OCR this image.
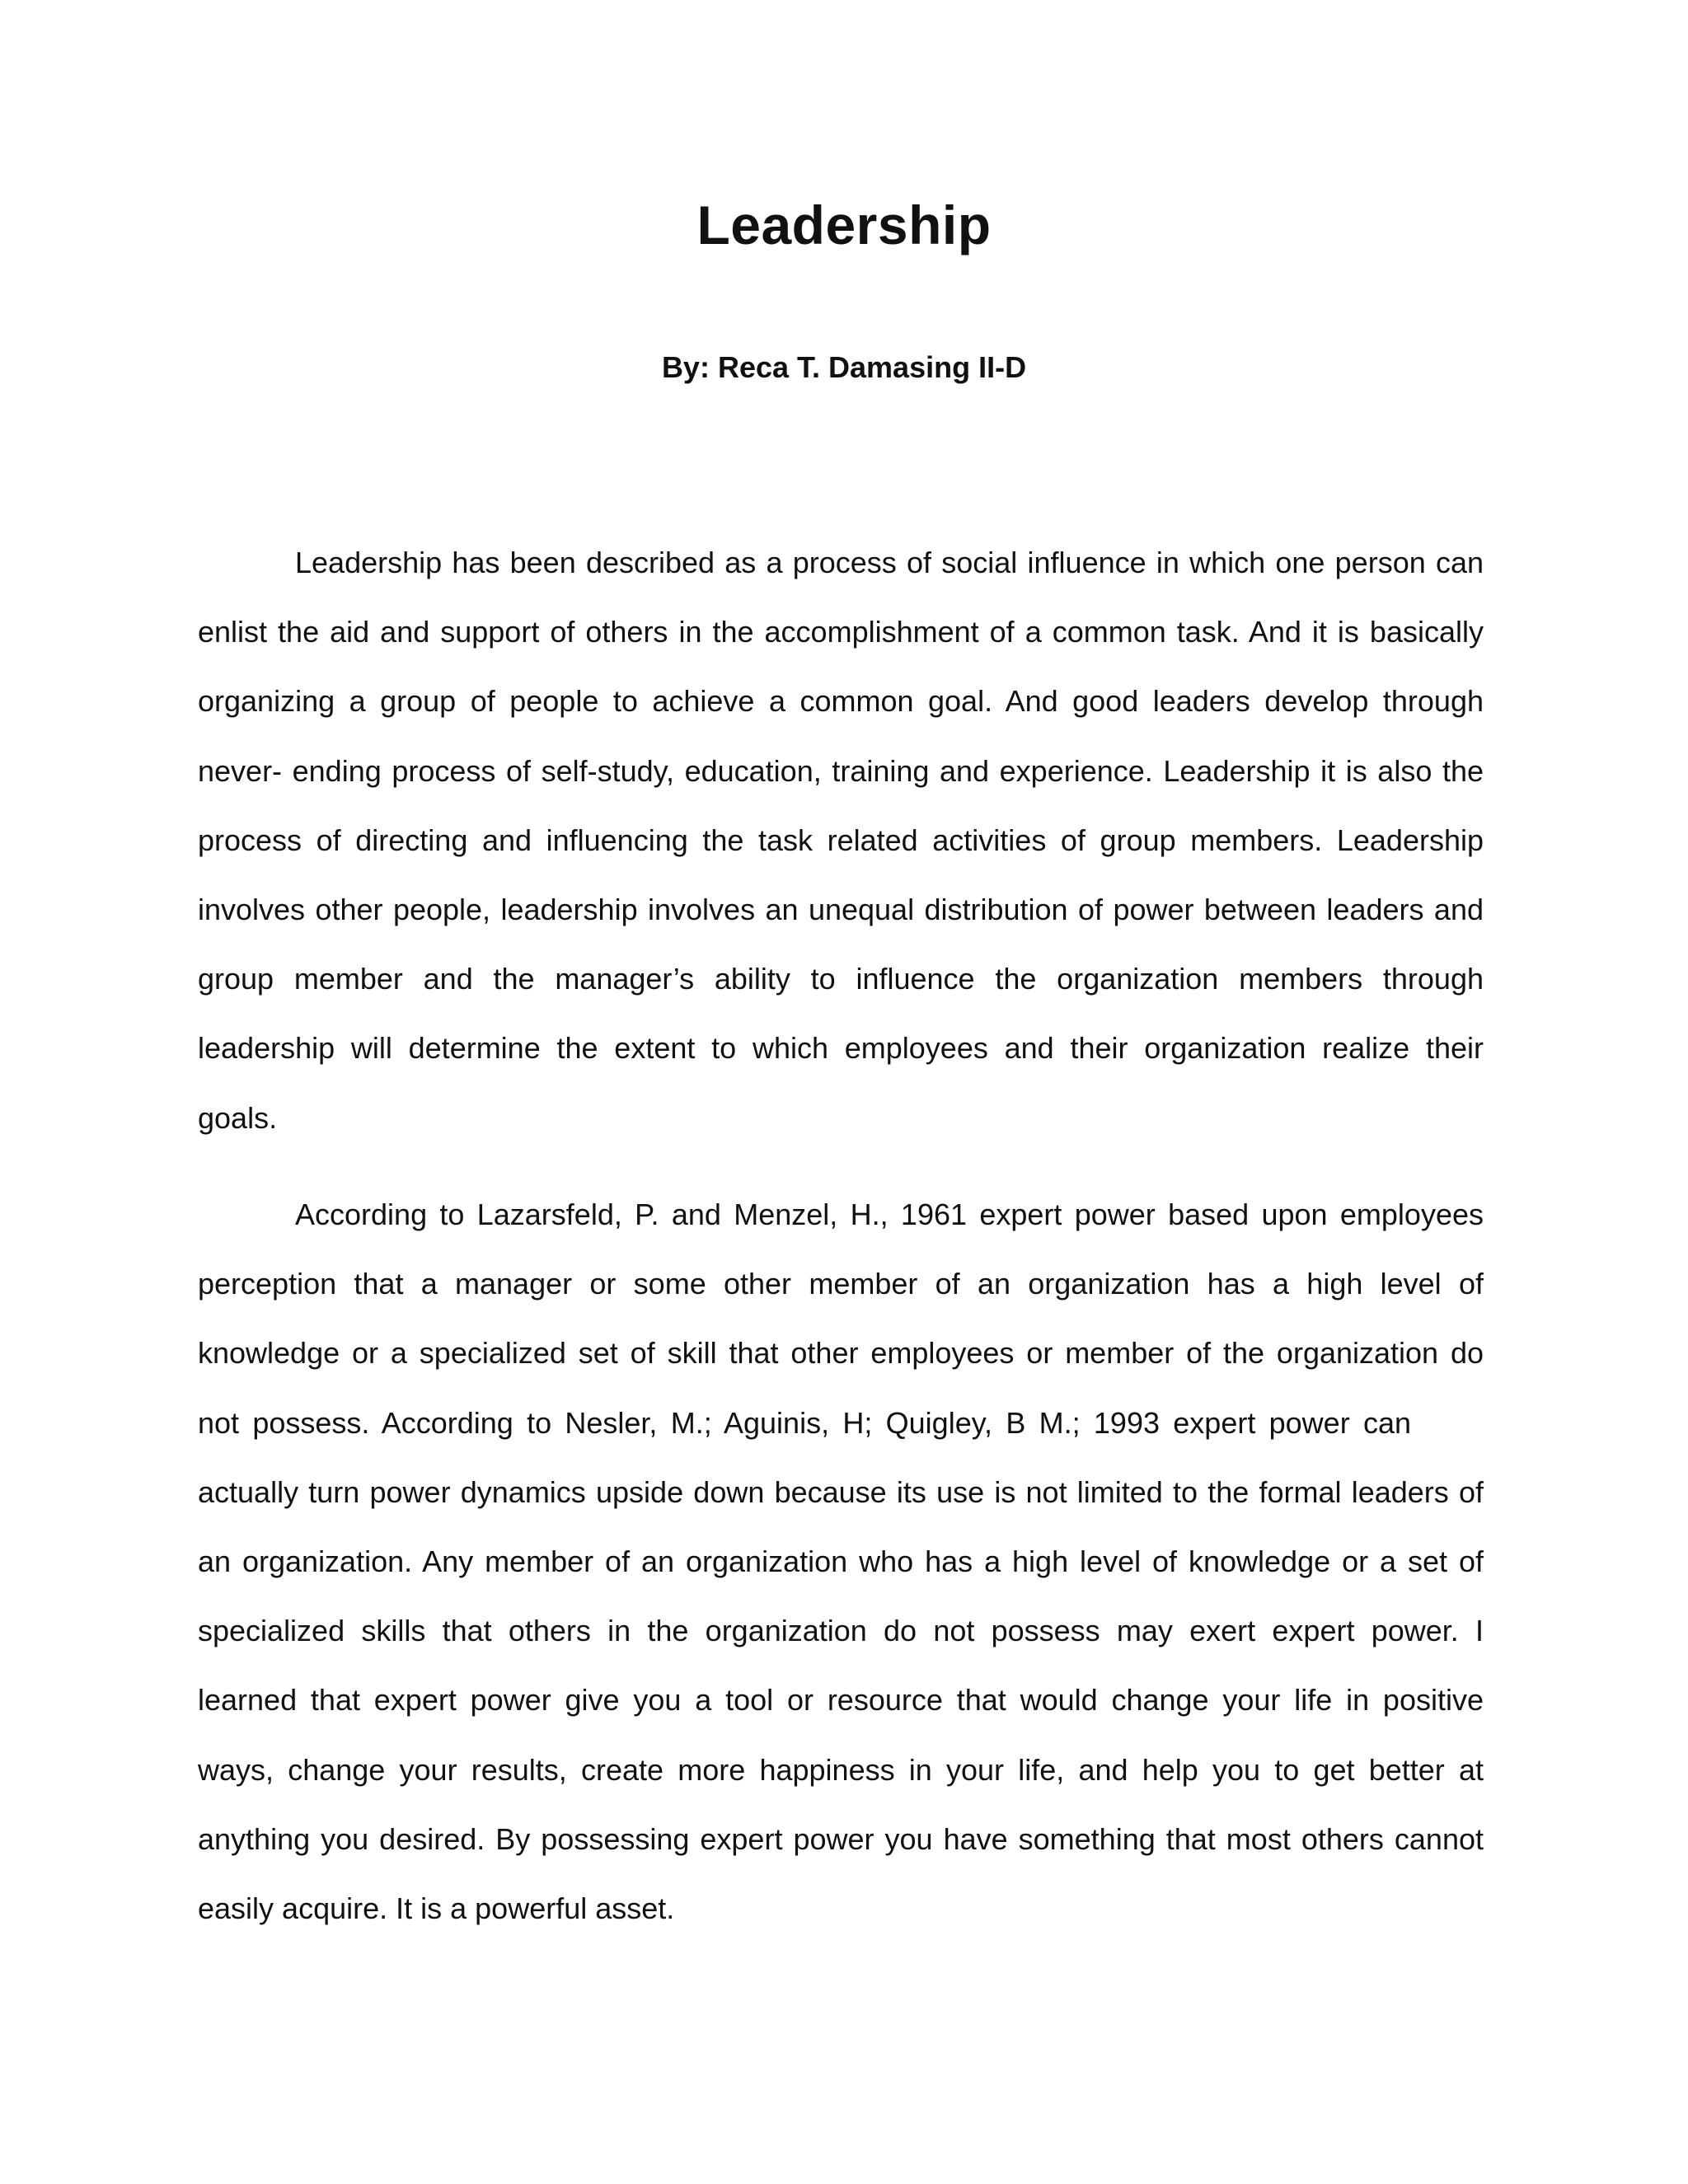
Leadership

By: Reca T. Damasing II-D

Leadership has been described as a process of social influence in which one person can
enlist the aid and support of others in the accomplishment of a common task. And it is basically
organizing a group of people to achieve a common goal. And good leaders develop through
never- ending process of self-study, education, training and experience. Leadership it is also the
process of directing and influencing the task related activities of group members. Leadership
involves other people, leadership involves an unequal distribution of power between leaders and
group member and the manager’s ability to influence the organization members through
leadership will determine the extent to which employees and their organization realize their
goals.
According to Lazarsfeld, P. and Menzel, H., 1961 expert power based upon employees
perception that a manager or some other member of an organization has a high level of
knowledge or a specialized set of skill that other employees or member of the organization do
not possess. According to Nesler, M.; Aguinis, H; Quigley, B M.; 1993 expert power can
actually turn power dynamics upside down because its use is not limited to the formal leaders of
an organization. Any member of an organization who has a high level of knowledge or a set of
specialized skills that others in the organization do not possess may exert expert power. I
learned that expert power give you a tool or resource that would change your life in positive
ways, change your results, create more happiness in your life, and help you to get better at
anything you desired. By possessing expert power you have something that most others cannot
easily acquire. It is a powerful asset.
